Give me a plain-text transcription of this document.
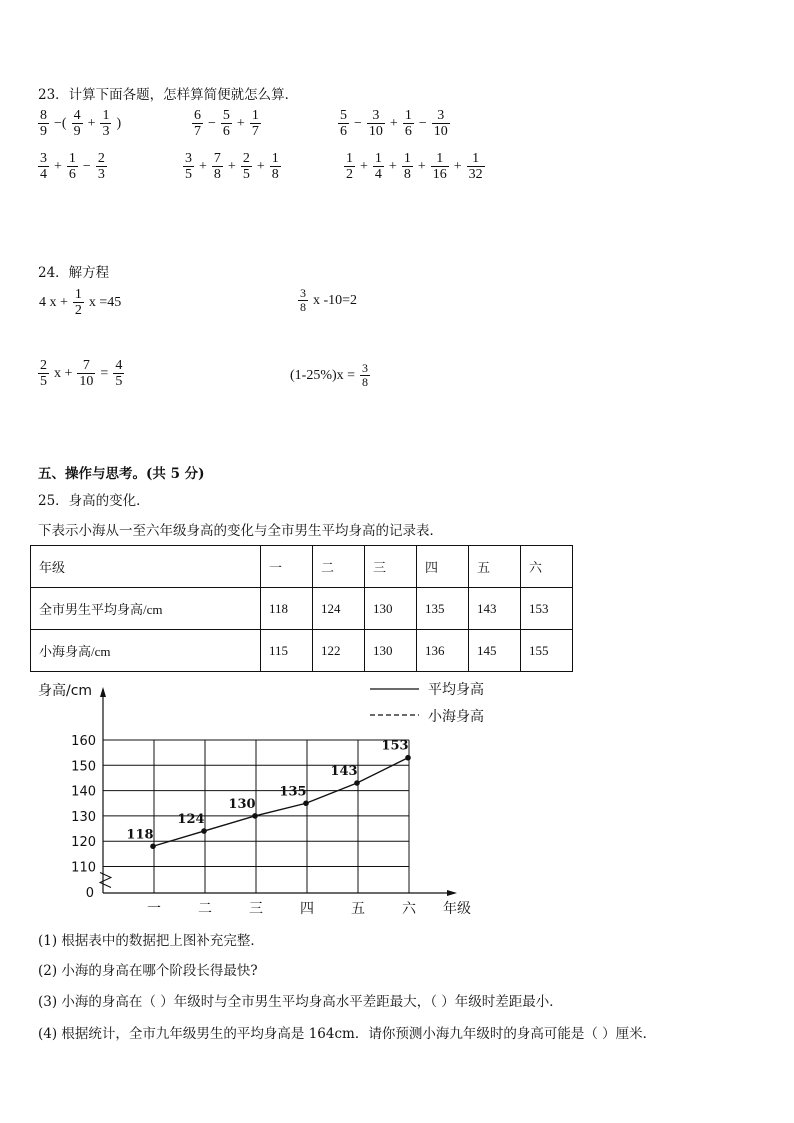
23．计算下面各题，怎样算简便就怎么算．
$\frac{8}{9}$ −( $\frac{4}{9} + \frac{1}{3}$ )	$\frac{6}{7} - \frac{5}{6} + \frac{1}{7}$	$\frac{5}{6} - \frac{3}{10} + \frac{1}{6} - \frac{3}{10}$
$\frac{3}{4} + \frac{1}{6} - \frac{2}{3}$	$\frac{3}{5} + \frac{7}{8} + \frac{2}{5} + \frac{1}{8}$	$\frac{1}{2} + \frac{1}{4} + \frac{1}{8} + \frac{1}{16} + \frac{1}{32}$
24．解方程
4 $x + \frac{1}{2}$ x =45	$\frac{3}{8}$ x -10=2
$\frac{2}{5}$ $x + \frac{7}{10} = \frac{4}{5}$	$(1-25\%)x = \frac{3}{8}$
五、操作与思考。(共 5 分)
25．身高的变化．
下表示小海从一至六年级身高的变化与全市男生平均身高的记录表．
年级	一	二	三	四	五	六
全市男生平均身高/cm	118	124	130	135	143	153
小海身高/cm	115	122	130	136	145	155
身高/cm
0
110
120
130
140
150
160
一	二	三	四	五	六 年级
118
124
130
135
143
153
平均身高
小海身高
(1) 根据表中的数据把上图补充完整．
(2) 小海的身高在哪个阶段长得最快?
(3) 小海的身高在（ ）年级时与全市男生平均身高水平差距最大，（ ）年级时差距最小．
(4) 根据统计，全市九年级男生的平均身高是 164cm．请你预测小海九年级时的身高可能是（ ）厘米．
